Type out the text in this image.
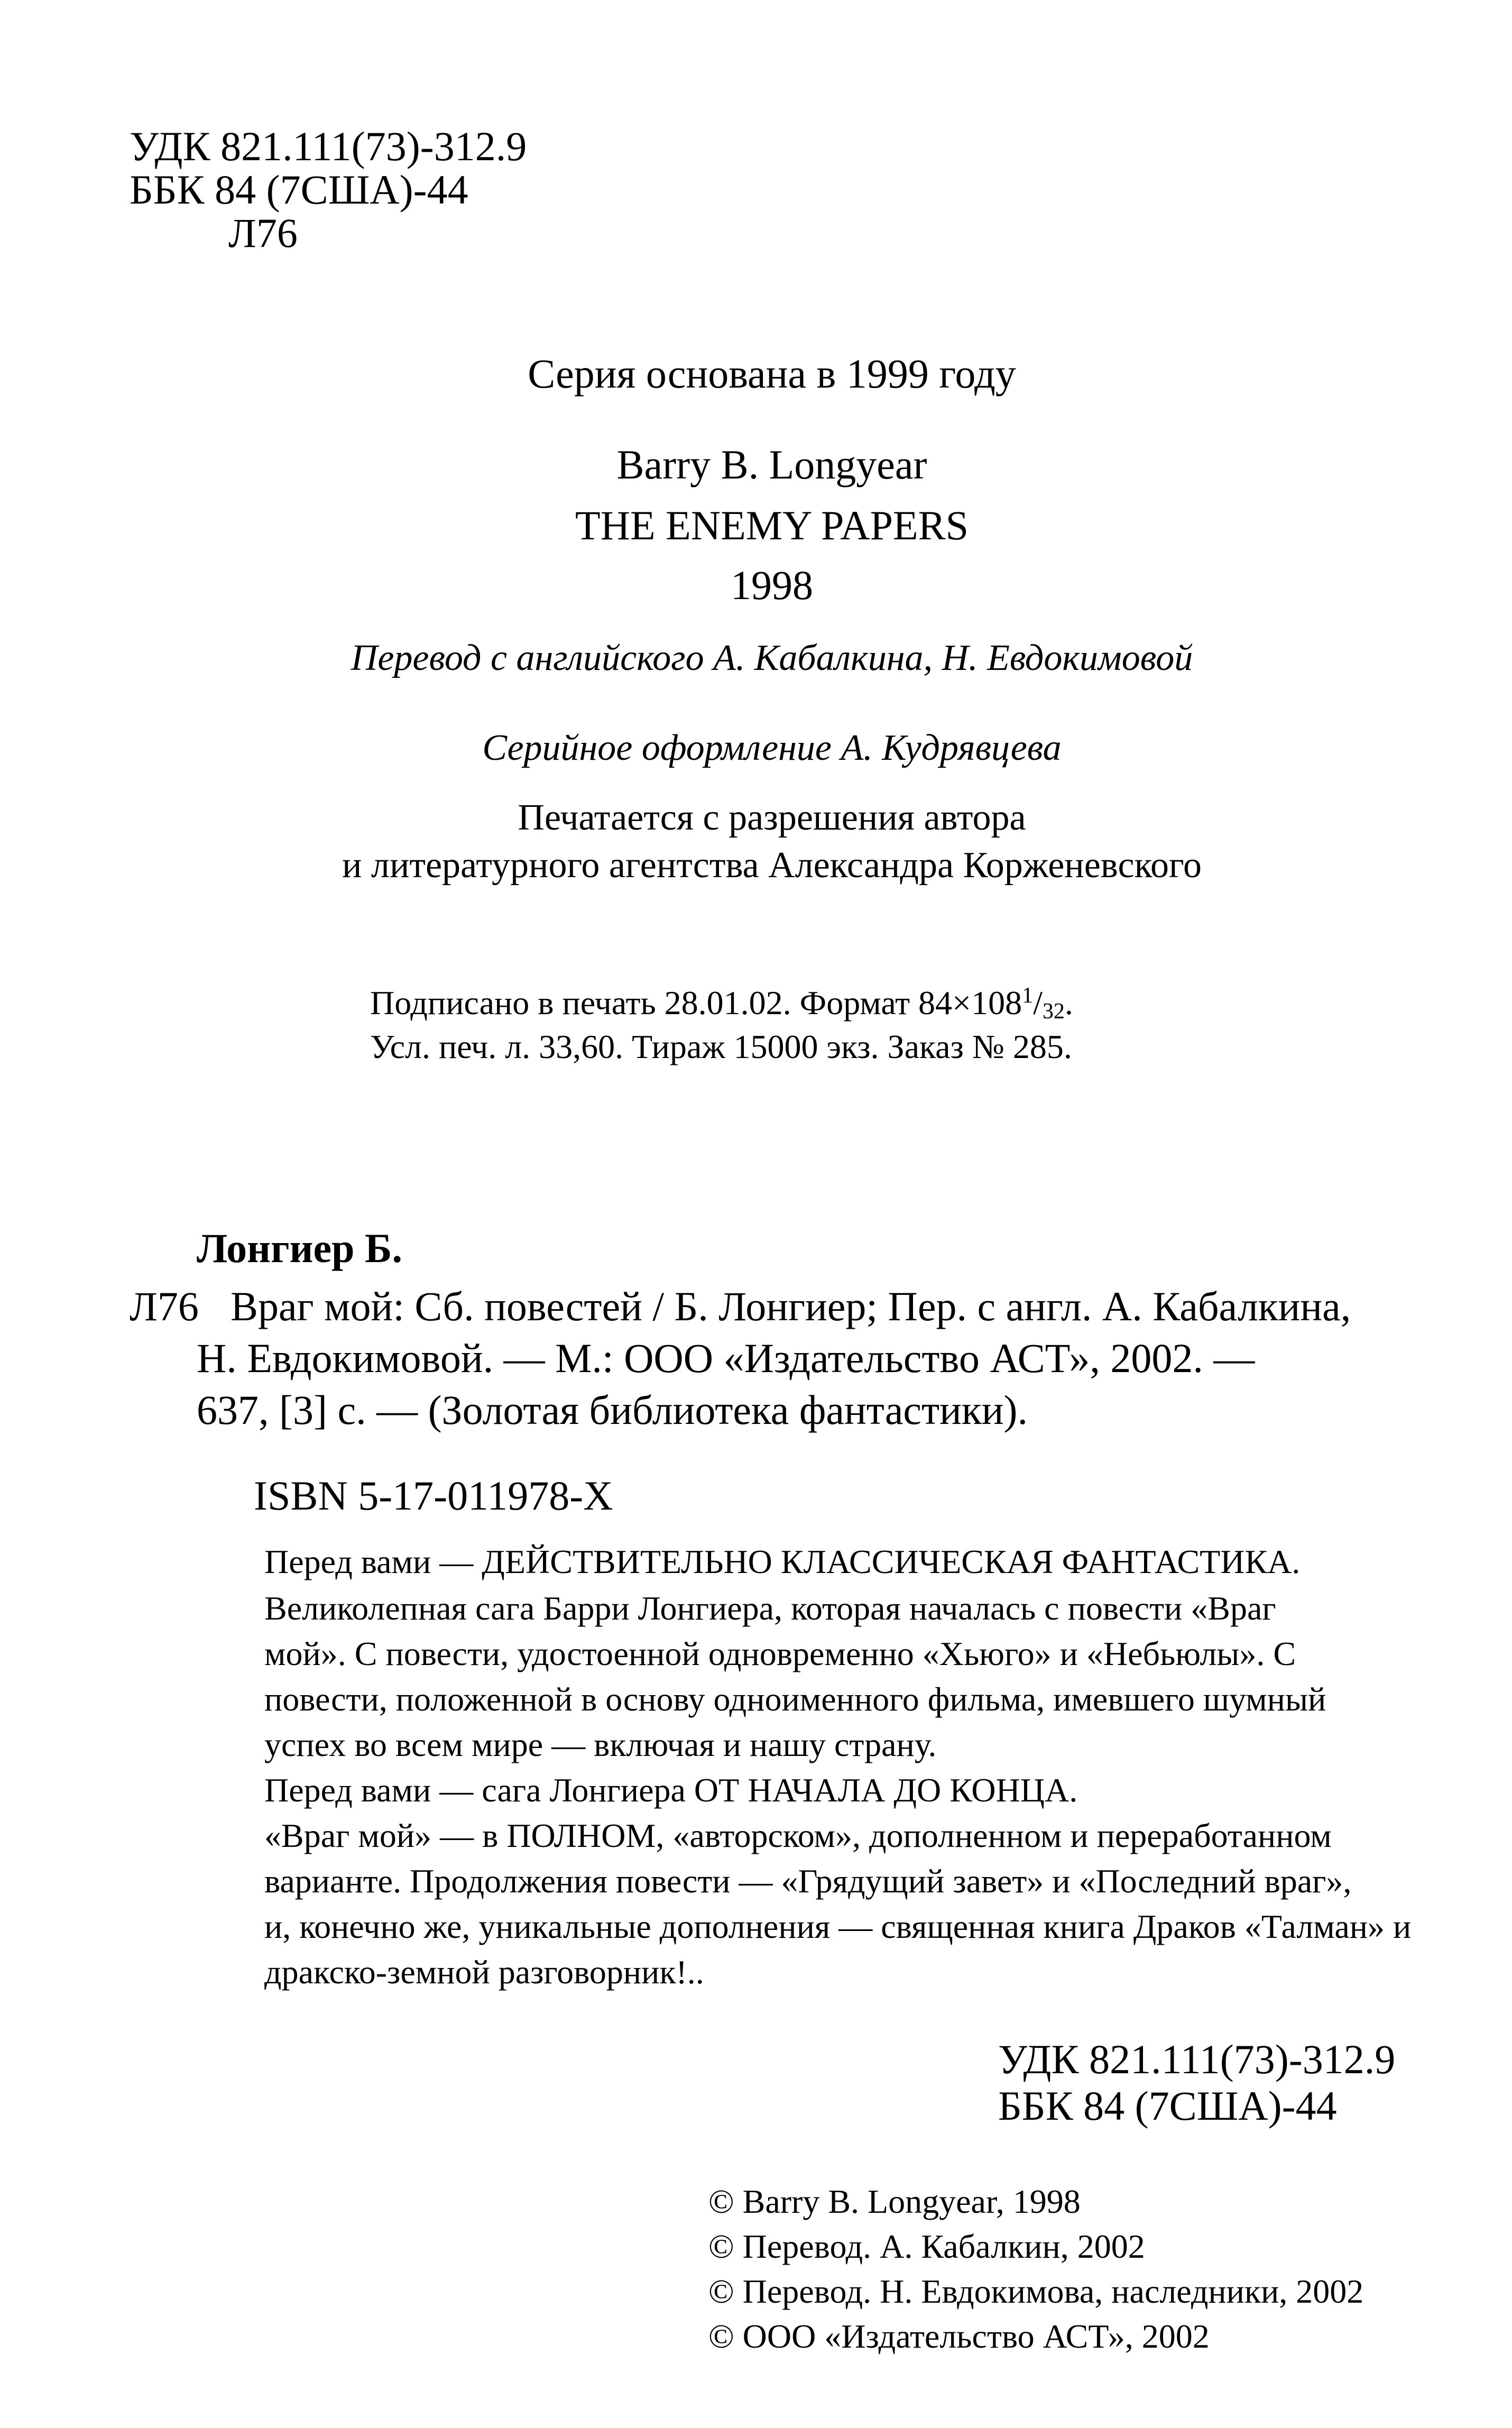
УДК 821.111(73)-312.9
ББК 84 (7США)-44
Л76
Серия основана в 1999 году
Barry B. Longyear
THE ENEMY PAPERS
1998
Перевод с английского А. Кабалкина, Н. Евдокимовой
Серийное оформление А. Кудрявцева
Печатается с разрешения автора
и литературного агентства Александра Корженевского
Подписано в печать 28.01.02. Формат $84\times 108^1/32$.
Усл. печ. л. 33,60. Тираж 15000 экз. Заказ № 285.
Лонгиер Б.
Л76 Враг мой: Сб. повестей / Б. Лонгиер; Пер. с англ. А. Кабалкина,
Н. Евдокимовой. — М.: ООО «Издательство АСТ», 2002. —
637, [3] с. — (Золотая библиотека фантастики).
ISBN 5-17-011978-X
Перед вами — ДЕЙСТВИТЕЛЬНО КЛАССИЧЕСКАЯ ФАНТАСТИКА.
Великолепная сага Барри Лонгиера, которая началась с повести «Враг
мой». С повести, удостоенной одновременно «Хьюго» и «Небьюлы». С
повести, положенной в основу одноименного фильма, имевшего шумный
успех во всем мире — включая и нашу страну.
Перед вами — сага Лонгиера ОТ НАЧАЛА ДО КОНЦА.
«Враг мой» — в ПОЛНОМ, «авторском», дополненном и переработанном
варианте. Продолжения повести — «Грядущий завет» и «Последний враг»,
и, конечно же, уникальные дополнения — священная книга Драков «Талман» и
дракско-земной разговорник!..
УДК 821.111(73)-312.9
ББК 84 (7США)-44
© Barry B. Longyear, 1998
© Перевод. А. Кабалкин, 2002
© Перевод. Н. Евдокимова, наследники, 2002
© ООО «Издательство АСТ», 2002
